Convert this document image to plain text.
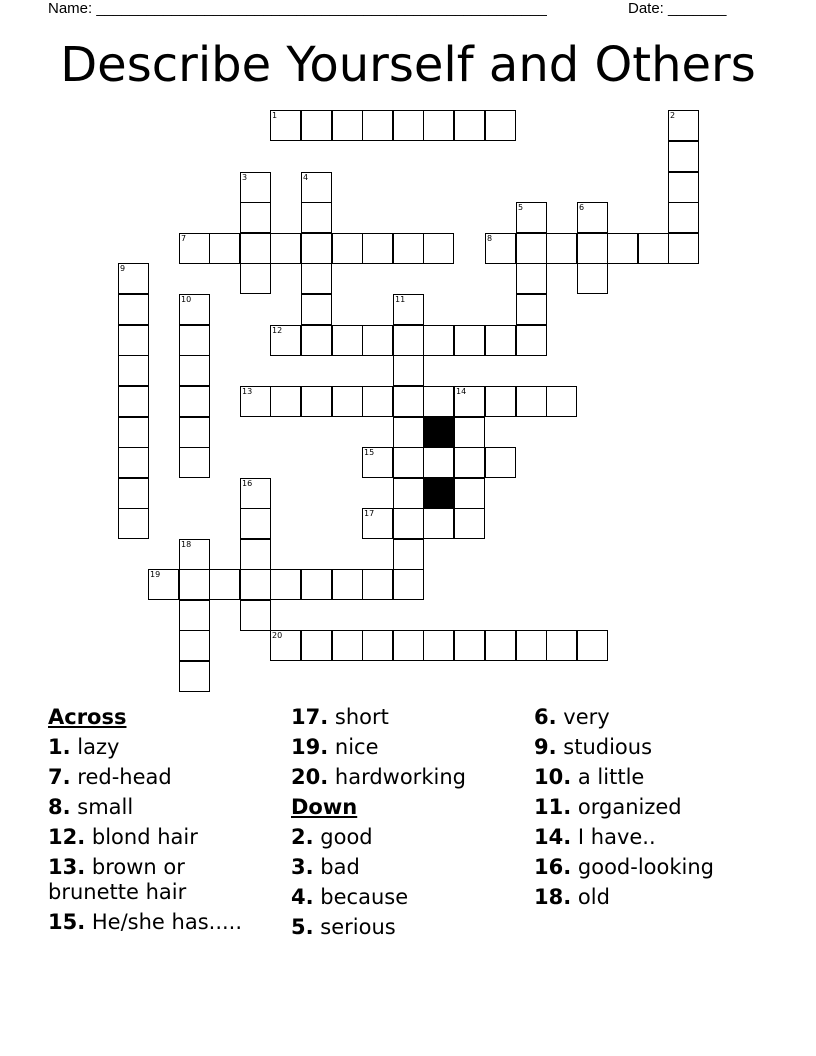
Name: ______________________________________________________	Date: _______
Describe Yourself and Others
1	2
3	4
5	6
7	8
9
10	11
12
13	14
15
16
17
18
19
20
Across
1. lazy
7. red-head
8. small
12. blond hair
13. brown or brunette hair
15. He/she has.....
17. short
19. nice
20. hardworking
Down
2. good
3. bad
4. because
5. serious
6. very
9. studious
10. a little
11. organized
14. I have..
16. good-looking
18. old
